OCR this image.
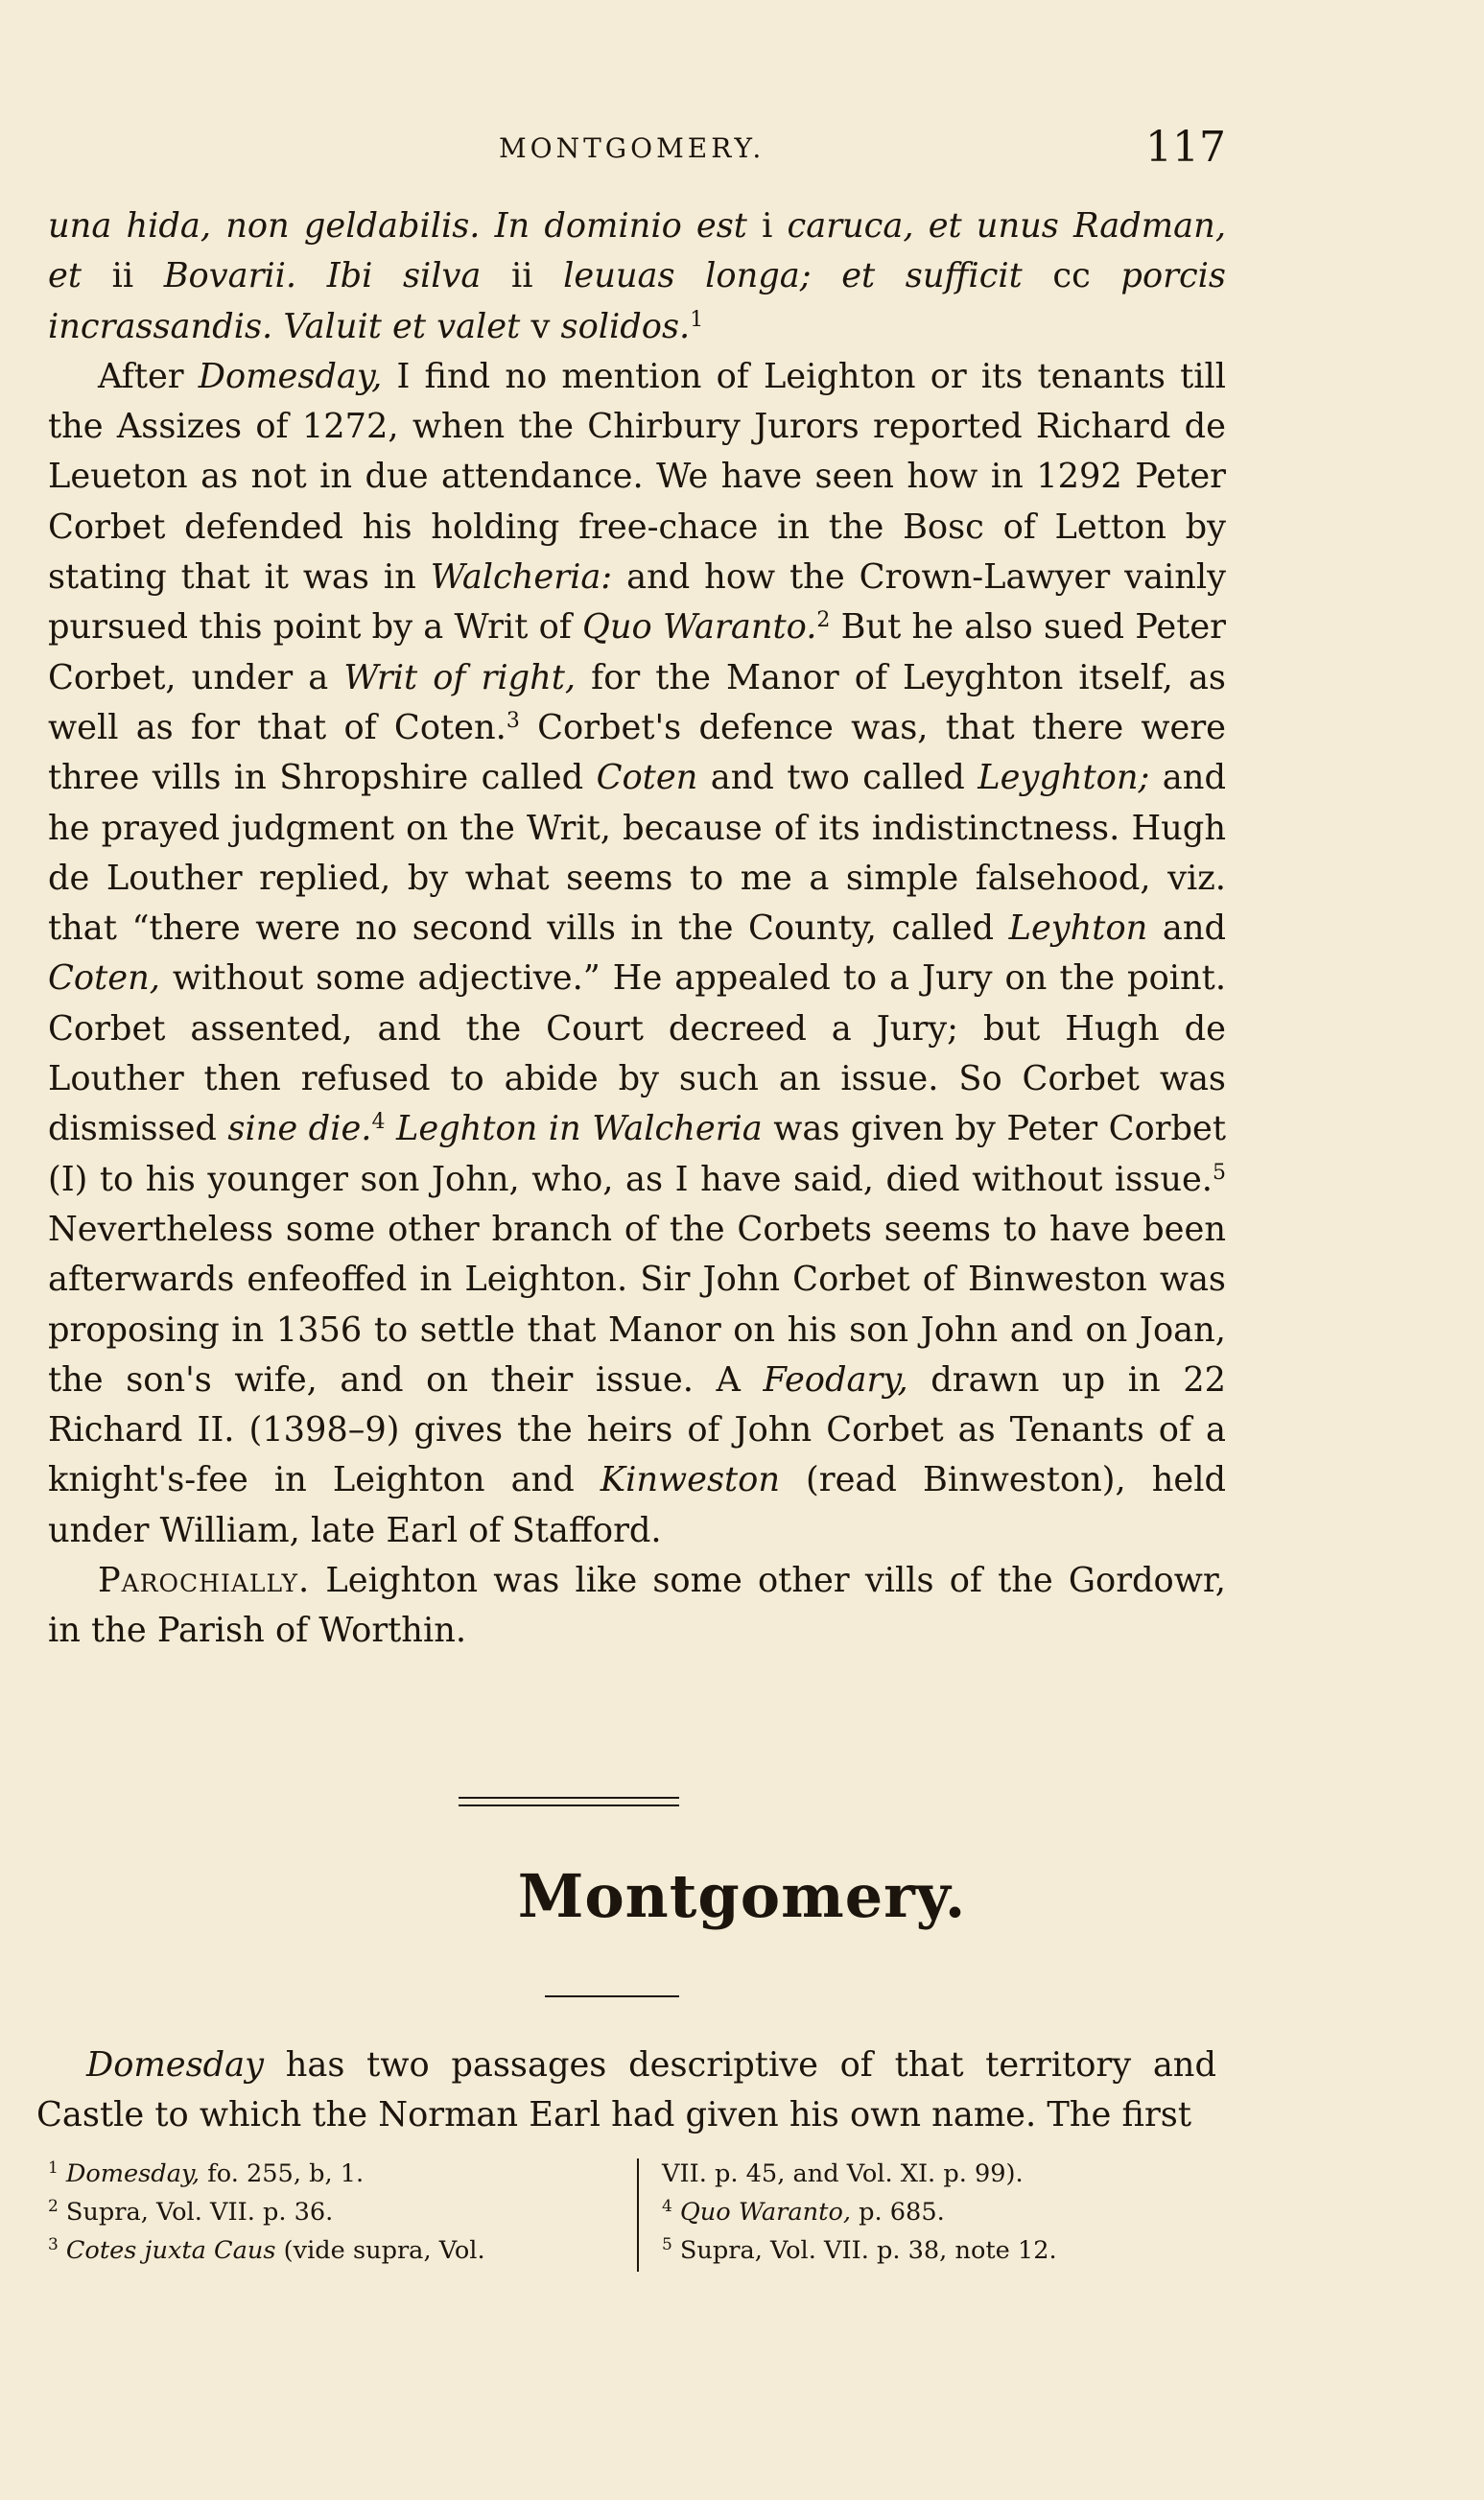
MONTGOMERY.	117

una hida, non geldabilis. In dominio est i caruca, et unus Radman, et ii Bovarii. Ibi silva ii leuuas longa; et sufficit cc porcis incrassandis. Valuit et valet v solidos.$^1$

After Domesday, I find no mention of Leighton or its tenants till the Assizes of 1272, when the Chirbury Jurors reported Richard de Leueton as not in due attendance. We have seen how in 1292 Peter Corbet defended his holding free-chace in the Bosc of Letton by stating that it was in Walcheria: and how the Crown-Lawyer vainly pursued this point by a Writ of Quo Waranto.$^2$ But he also sued Peter Corbet, under a Writ of right, for the Manor of Leyghton itself, as well as for that of Coten.$^3$ Corbet's defence was, that there were three vills in Shropshire called Coten and two called Leyghton; and he prayed judgment on the Writ, because of its indistinctness. Hugh de Louther replied, by what seems to me a simple falsehood, viz. that “there were no second vills in the County, called Leyhton and Coten, without some adjective.” He appealed to a Jury on the point. Corbet assented, and the Court decreed a Jury; but Hugh de Louther then refused to abide by such an issue. So Corbet was dismissed sine die.$^4$ Leghton in Walcheria was given by Peter Corbet (I) to his younger son John, who, as I have said, died without issue.$^5$ Nevertheless some other branch of the Corbets seems to have been afterwards enfeoffed in Leighton. Sir John Corbet of Binweston was proposing in 1356 to settle that Manor on his son John and on Joan, the son's wife, and on their issue. A Feodary, drawn up in 22 Richard II. (1398–9) gives the heirs of John Corbet as Tenants of a knight's-fee in Leighton and Kinweston (read Binweston), held under William, late Earl of Stafford.

Parochially. Leighton was like some other vills of the Gordowr, in the Parish of Worthin.

Montgomery.

Domesday has two passages descriptive of that territory and Castle to which the Norman Earl had given his own name. The first

$^1$ Domesday, fo. 255, b, 1.
$^2$ Supra, Vol. VII. p. 36.
$^3$ Cotes juxta Caus (vide supra, Vol.
VII. p. 45, and Vol. XI. p. 99).
$^4$ Quo Waranto, p. 685.
$^5$ Supra, Vol. VII. p. 38, note 12.
